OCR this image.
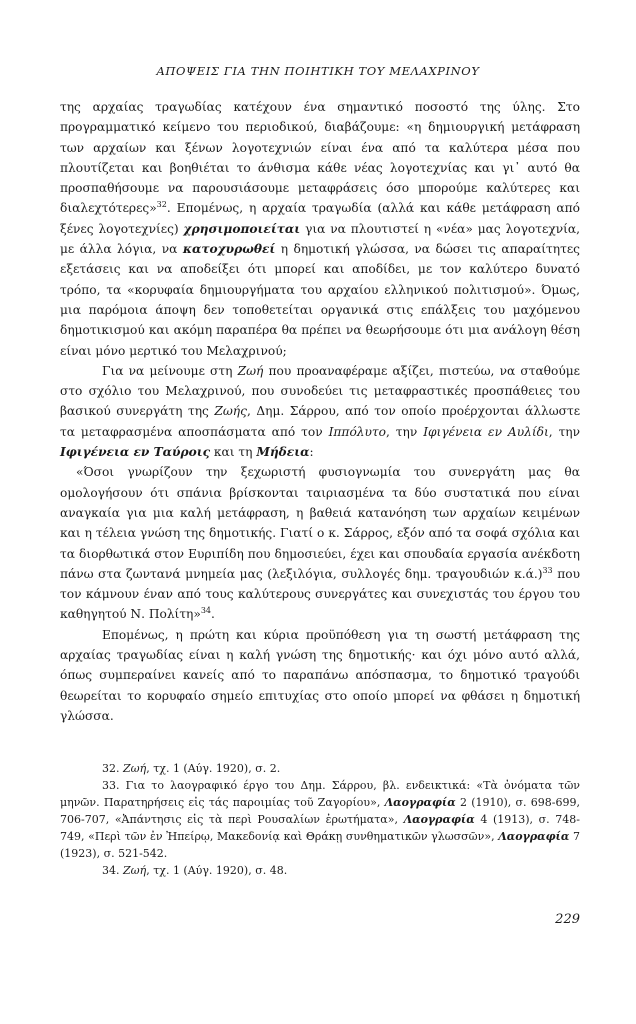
ΑΠΟΨΕΙΣ ΓΙΑ ΤΗΝ ΠΟΙΗΤΙΚΗ ΤΟΥ ΜΕΛΑΧΡΙΝΟΥ

της αρχαίας τραγωδίας κατέχουν ένα σημαντικό ποσοστό της ύλης. Στο προγραμματικό κείμενο του περιοδικού, διαβάζουμε: «η δημιουργική μετάφραση των αρχαίων και ξένων λογοτεχνιών είναι ένα από τα καλύτερα μέσα που πλουτίζεται και βοηθιέται το άνθισμα κάθε νέας λογοτεχνίας και γι᾽ αυτό θα προσπαθήσουμε να παρουσιάσουμε μεταφράσεις όσο μπορούμε καλύτερες και διαλεχτότερες»$^{32}$. Επομένως, η αρχαία τραγωδία (αλλά και κάθε μετάφραση από ξένες λογοτεχνίες) χρησιμοποιείται για να πλουτιστεί η «νέα» μας λογοτεχνία, με άλλα λόγια, να κατοχυρωθεί η δημοτική γλώσσα, να δώσει τις απαραίτητες εξετάσεις και να αποδείξει ότι μπορεί και αποδίδει, με τον καλύτερο δυνατό τρόπο, τα «κορυφαία δημιουργήματα του αρχαίου ελληνικού πολιτισμού». Όμως, μια παρόμοια άποψη δεν τοποθετείται οργανικά στις επάλξεις του μαχόμενου δημοτικισμού και ακόμη παραπέρα θα πρέπει να θεωρήσουμε ότι μια ανάλογη θέση είναι μόνο μερτικό του Μελαχρινού;

Για να μείνουμε στη Ζωή που προαναφέραμε αξίζει, πιστεύω, να σταθούμε στο σχόλιο του Μελαχρινού, που συνοδεύει τις μεταφραστικές προσπάθειες του βασικού συνεργάτη της Ζωής, Δημ. Σάρρου, από τον οποίο προέρχονται άλλωστε τα μεταφρασμένα αποσπάσματα από τον Ιππόλυτο, την Ιφιγένεια εν Αυλίδι, την Ιφιγένεια εν Ταύροις και τη Μήδεια:

«Όσοι γνωρίζουν την ξεχωριστή φυσιογνωμία του συνεργάτη μας θα ομολογήσουν ότι σπάνια βρίσκονται ταιριασμένα τα δύο συστατικά που είναι αναγκαία για μια καλή μετάφραση, η βαθειά κατανόηση των αρχαίων κειμένων και η τέλεια γνώση της δημοτικής. Γιατί ο κ. Σάρρος, εξόν από τα σοφά σχόλια και τα διορθωτικά στον Ευριπίδη που δημοσιεύει, έχει και σπουδαία εργασία ανέκδοτη πάνω στα ζωντανά μνημεία μας (λεξιλόγια, συλλογές δημ. τραγουδιών κ.ά.)$^{33}$ που τον κάμνουν έναν από τους καλύτερους συνεργάτες και συνεχιστάς του έργου του καθηγητού Ν. Πολίτη»$^{34}$.

Επομένως, η πρώτη και κύρια προϋπόθεση για τη σωστή μετάφραση της αρχαίας τραγωδίας είναι η καλή γνώση της δημοτικής· και όχι μόνο αυτό αλλά, όπως συμπεραίνει κανείς από το παραπάνω απόσπασμα, το δημοτικό τραγούδι θεωρείται το κορυφαίο σημείο επιτυχίας στο οποίο μπορεί να φθάσει η δημοτική γλώσσα.

32. Ζωή, τχ. 1 (Αύγ. 1920), σ. 2.

33. Για το λαογραφικό έργο του Δημ. Σάρρου, βλ. ενδεικτικά: «Τὰ ὀνόματα τῶν μηνῶν. Παρατηρήσεις εἰς τάς παροιμίας τοῦ Ζαγορίου», Λαογραφία 2 (1910), σ. 698-699, 706-707, «Ἀπάντησις εἰς τὰ περὶ Ρουσαλίων ἐρωτήματα», Λαογραφία 4 (1913), σ. 748-749, «Περὶ τῶν ἐν Ἠπείρῳ, Μακεδονίᾳ καὶ Θράκῃ συνθηματικῶν γλωσσῶν», Λαογραφία 7 (1923), σ. 521-542.

34. Ζωή, τχ. 1 (Αύγ. 1920), σ. 48.

229
